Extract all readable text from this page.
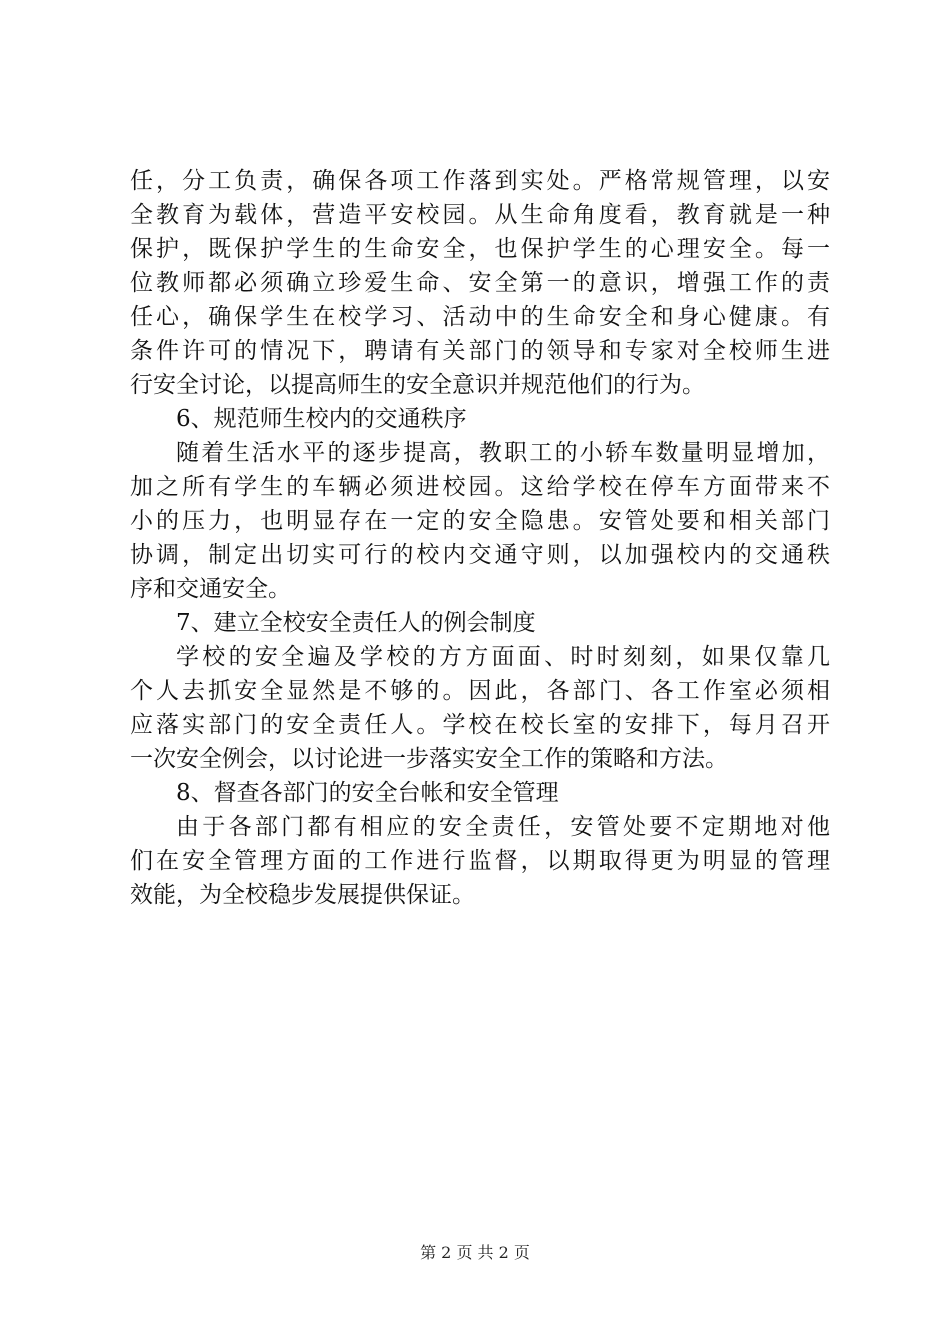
任，分工负责，确保各项工作落到实处。严格常规管理，以安
全教育为载体，营造平安校园。从生命角度看，教育就是一种
保护，既保护学生的生命安全，也保护学生的心理安全。每一
位教师都必须确立珍爱生命、安全第一的意识，增强工作的责
任心，确保学生在校学习、活动中的生命安全和身心健康。有
条件许可的情况下，聘请有关部门的领导和专家对全校师生进
行安全讨论，以提高师生的安全意识并规范他们的行为。
6、规范师生校内的交通秩序
随着生活水平的逐步提高，教职工的小轿车数量明显增加，
加之所有学生的车辆必须进校园。这给学校在停车方面带来不
小的压力，也明显存在一定的安全隐患。安管处要和相关部门
协调，制定出切实可行的校内交通守则，以加强校内的交通秩
序和交通安全。
7、建立全校安全责任人的例会制度
学校的安全遍及学校的方方面面、时时刻刻，如果仅靠几
个人去抓安全显然是不够的。因此，各部门、各工作室必须相
应落实部门的安全责任人。学校在校长室的安排下，每月召开
一次安全例会，以讨论进一步落实安全工作的策略和方法。
8、督查各部门的安全台帐和安全管理
由于各部门都有相应的安全责任，安管处要不定期地对他
们在安全管理方面的工作进行监督，以期取得更为明显的管理
效能，为全校稳步发展提供保证。
第 2 页 共 2 页
